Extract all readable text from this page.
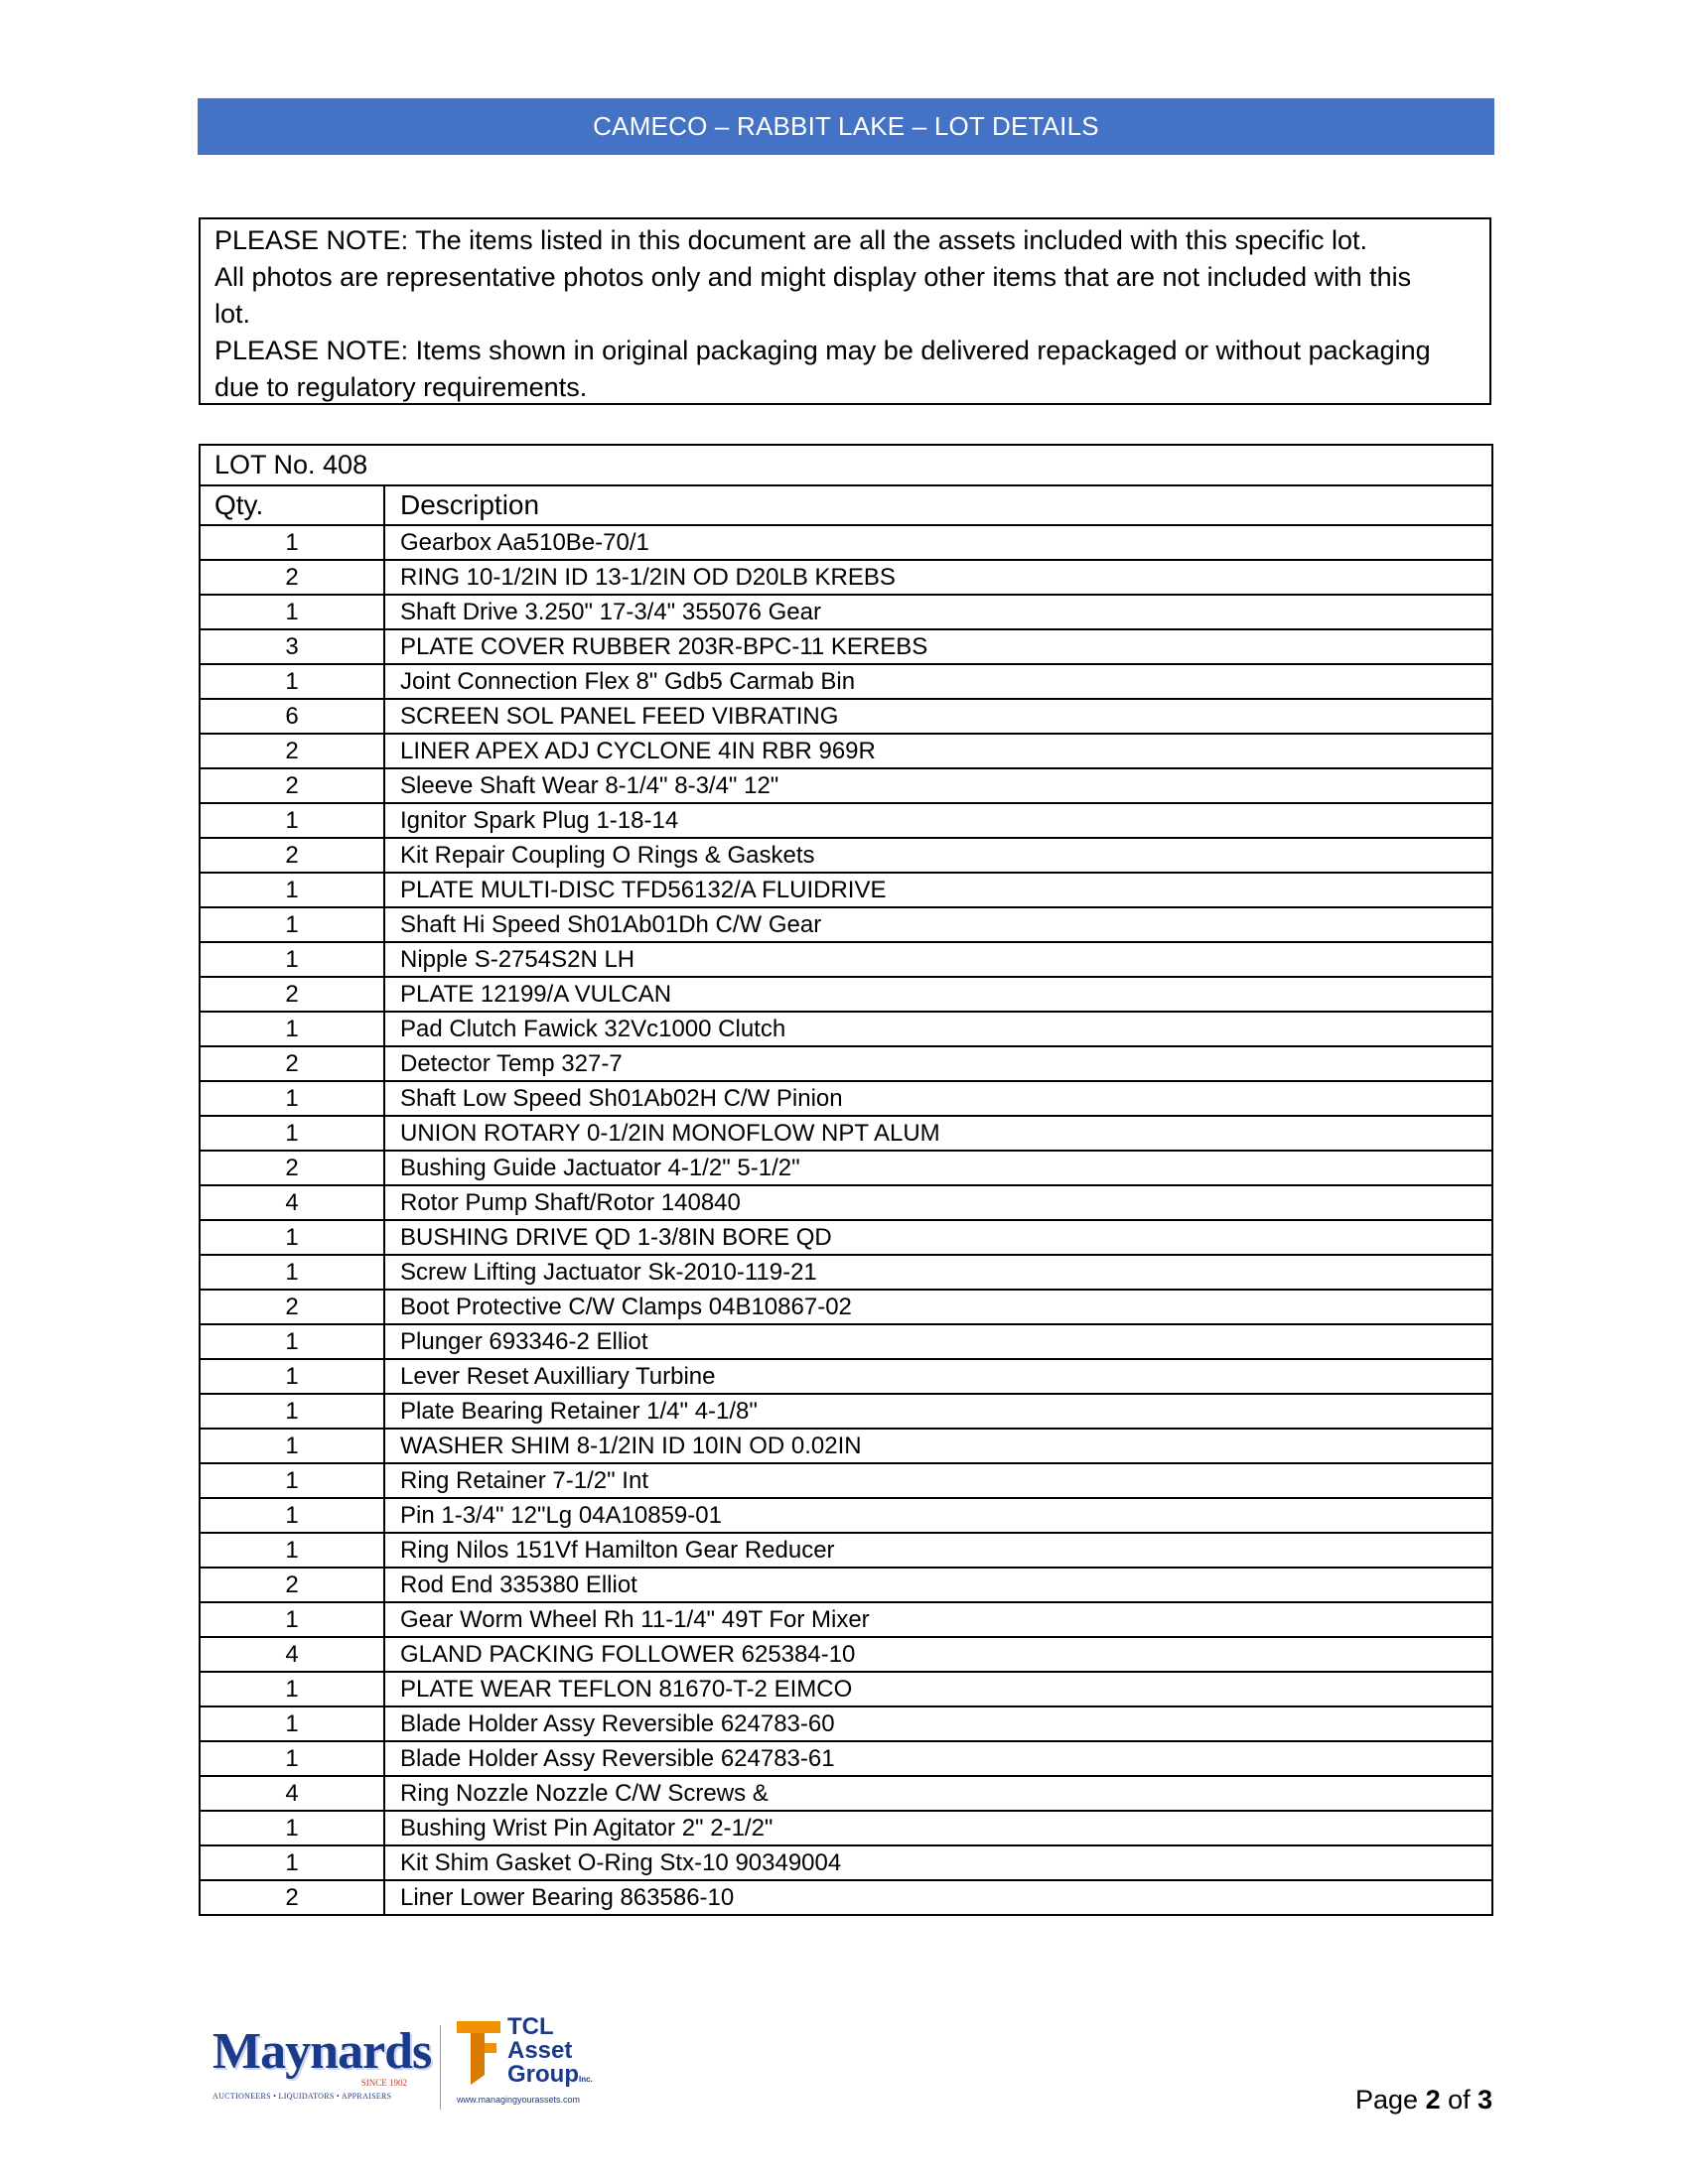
CAMECO – RABBIT LAKE – LOT DETAILS
PLEASE NOTE: The items listed in this document are all the assets included with this specific lot.
All photos are representative photos only and might display other items that are not included with this
lot.
PLEASE NOTE: Items shown in original packaging may be delivered repackaged or without packaging
due to regulatory requirements.
LOT No. 408	
Qty.	Description
1	Gearbox Aa510Be-70/1
2	RING 10-1/2IN ID 13-1/2IN OD D20LB KREBS
1	Shaft Drive 3.250" 17-3/4" 355076 Gear
3	PLATE COVER RUBBER 203R-BPC-11 KEREBS
1	Joint Connection Flex 8" Gdb5 Carmab Bin
6	SCREEN SOL PANEL FEED VIBRATING
2	LINER APEX ADJ CYCLONE 4IN RBR 969R
2	Sleeve Shaft Wear 8-1/4" 8-3/4" 12"
1	Ignitor Spark Plug 1-18-14
2	Kit Repair Coupling O Rings & Gaskets
1	PLATE MULTI-DISC TFD56132/A FLUIDRIVE
1	Shaft Hi Speed Sh01Ab01Dh C/W Gear
1	Nipple S-2754S2N LH
2	PLATE 12199/A VULCAN
1	Pad Clutch Fawick 32Vc1000 Clutch
2	Detector Temp 327-7
1	Shaft Low Speed Sh01Ab02H C/W Pinion
1	UNION ROTARY 0-1/2IN MONOFLOW NPT ALUM
2	Bushing Guide Jactuator 4-1/2" 5-1/2"
4	Rotor Pump Shaft/Rotor 140840
1	BUSHING DRIVE QD 1-3/8IN BORE QD
1	Screw Lifting Jactuator Sk-2010-119-21
2	Boot Protective C/W Clamps 04B10867-02
1	Plunger 693346-2 Elliot
1	Lever Reset Auxilliary Turbine
1	Plate Bearing Retainer 1/4" 4-1/8"
1	WASHER SHIM 8-1/2IN ID 10IN OD 0.02IN
1	Ring Retainer 7-1/2" Int
1	Pin 1-3/4" 12"Lg 04A10859-01
1	Ring Nilos 151Vf Hamilton Gear Reducer
2	Rod End 335380 Elliot
1	Gear Worm Wheel Rh 11-1/4" 49T For Mixer
4	GLAND PACKING FOLLOWER 625384-10
1	PLATE WEAR TEFLON 81670-T-2 EIMCO
1	Blade Holder Assy Reversible 624783-60
1	Blade Holder Assy Reversible 624783-61
4	Ring Nozzle Nozzle C/W Screws &
1	Bushing Wrist Pin Agitator 2" 2-1/2"
1	Kit Shim Gasket O-Ring Stx-10 90349004
2	Liner Lower Bearing 863586-10
Maynards
SINCE 1902
AUCTIONEERS • LIQUIDATORS • APPRAISERS
TCL
Asset
GroupInc.
www.managingyourassets.com	Page 2 of 3
